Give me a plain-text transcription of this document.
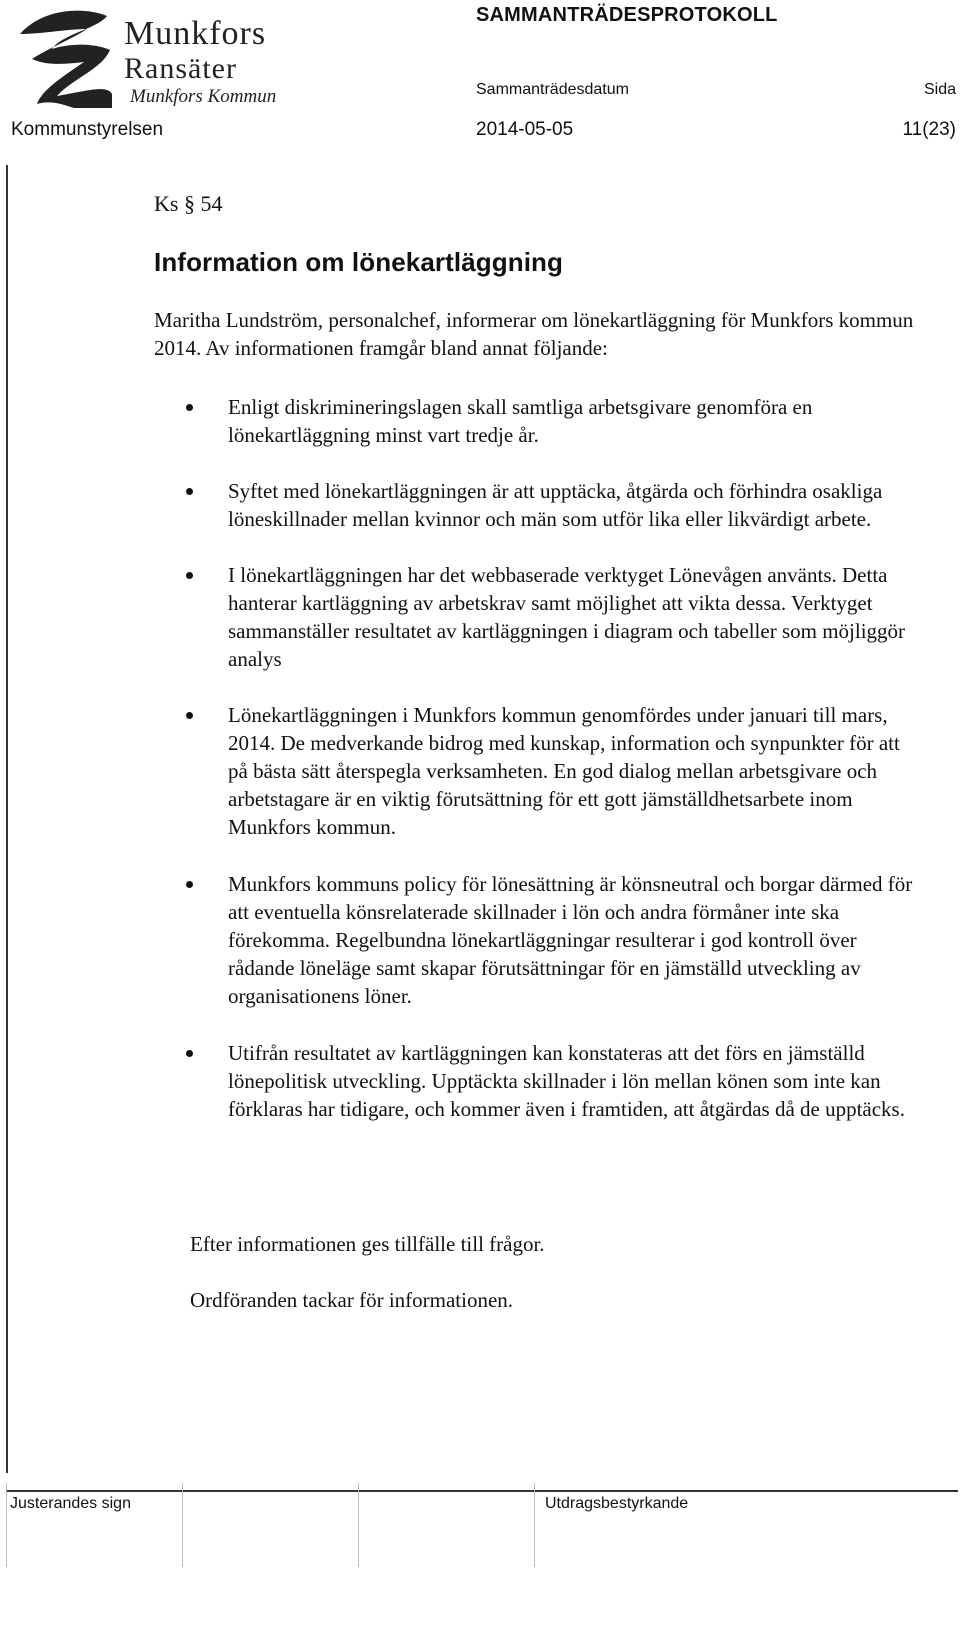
Munkfors
Ransäter
Munkfors Kommun
SAMMANTRÄDESPROTOKOLL
Sammanträdesdatum	Sida
Kommunstyrelsen	2014-05-05	11(23)
Ks § 54
Information om lönekartläggning
Maritha Lundström, personalchef, informerar om lönekartläggning för Munkfors kommun 2014. Av informationen framgår bland annat följande:
Enligt diskrimineringslagen skall samtliga arbetsgivare genomföra en lönekartläggning minst vart tredje år.
Syftet med lönekartläggningen är att upptäcka, åtgärda och förhindra osakliga löneskillnader mellan kvinnor och män som utför lika eller likvärdigt arbete.
I lönekartläggningen har det webbaserade verktyget Lönevågen använts. Detta hanterar kartläggning av arbetskrav samt möjlighet att vikta dessa. Verktyget sammanställer resultatet av kartläggningen i diagram och tabeller som möjliggör analys
Lönekartläggningen i Munkfors kommun genomfördes under januari till mars, 2014. De medverkande bidrog med kunskap, information och synpunkter för att på bästa sätt återspegla verksamheten. En god dialog mellan arbetsgivare och arbetstagare är en viktig förutsättning för ett gott jämställdhetsarbete inom Munkfors kommun.
Munkfors kommuns policy för lönesättning är könsneutral och borgar därmed för att eventuella könsrelaterade skillnader i lön och andra förmåner inte ska förekomma. Regelbundna lönekartläggningar resulterar i god kontroll över rådande löneläge samt skapar förutsättningar för en jämställd utveckling av organisationens löner.
Utifrån resultatet av kartläggningen kan konstateras att det förs en jämställd lönepolitisk utveckling. Upptäckta skillnader i lön mellan könen som inte kan förklaras har tidigare, och kommer även i framtiden, att åtgärdas då de upptäcks.
Efter informationen ges tillfälle till frågor.
Ordföranden tackar för informationen.
Justerandes sign	Utdragsbestyrkande
